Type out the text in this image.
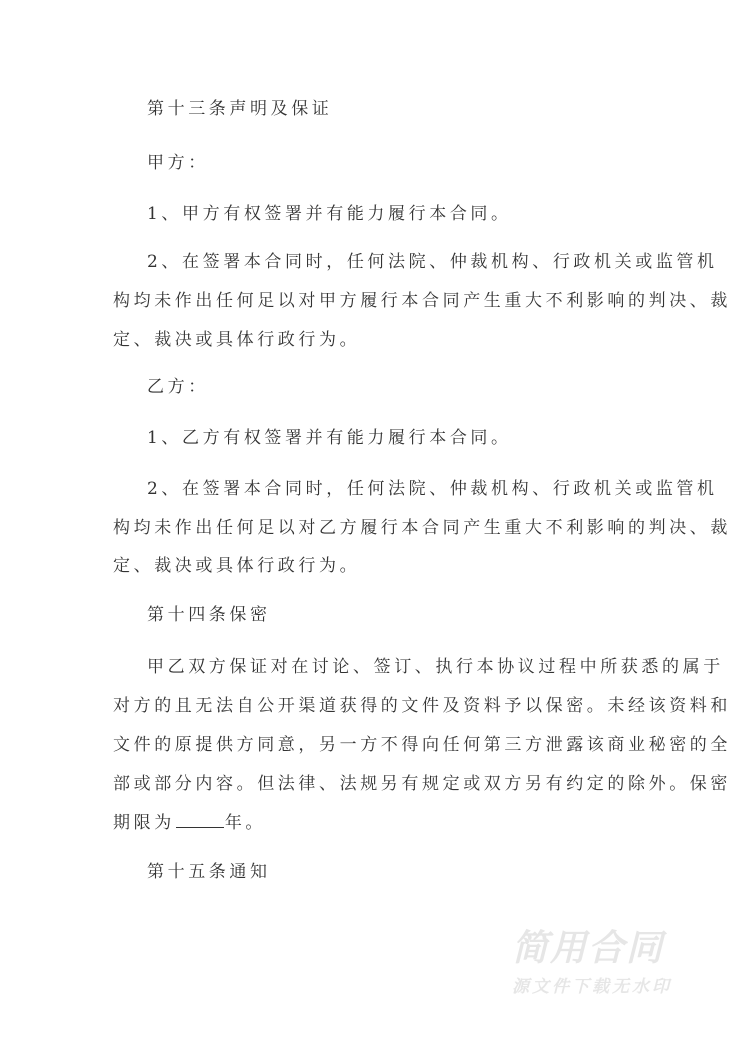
第十三条声明及保证
甲方：
1、甲方有权签署并有能力履行本合同。
2、在签署本合同时，任何法院、仲裁机构、行政机关或监管机
构均未作出任何足以对甲方履行本合同产生重大不利影响的判决、裁
定、裁决或具体行政行为。
乙方：
1、乙方有权签署并有能力履行本合同。
2、在签署本合同时，任何法院、仲裁机构、行政机关或监管机
构均未作出任何足以对乙方履行本合同产生重大不利影响的判决、裁
定、裁决或具体行政行为。
第十四条保密
甲乙双方保证对在讨论、签订、执行本协议过程中所获悉的属于
对方的且无法自公开渠道获得的文件及资料予以保密。未经该资料和
文件的原提供方同意，另一方不得向任何第三方泄露该商业秘密的全
部或部分内容。但法律、法规另有规定或双方另有约定的除外。保密
期限为	年。
第十五条通知
简用合同
源文件下载无水印
